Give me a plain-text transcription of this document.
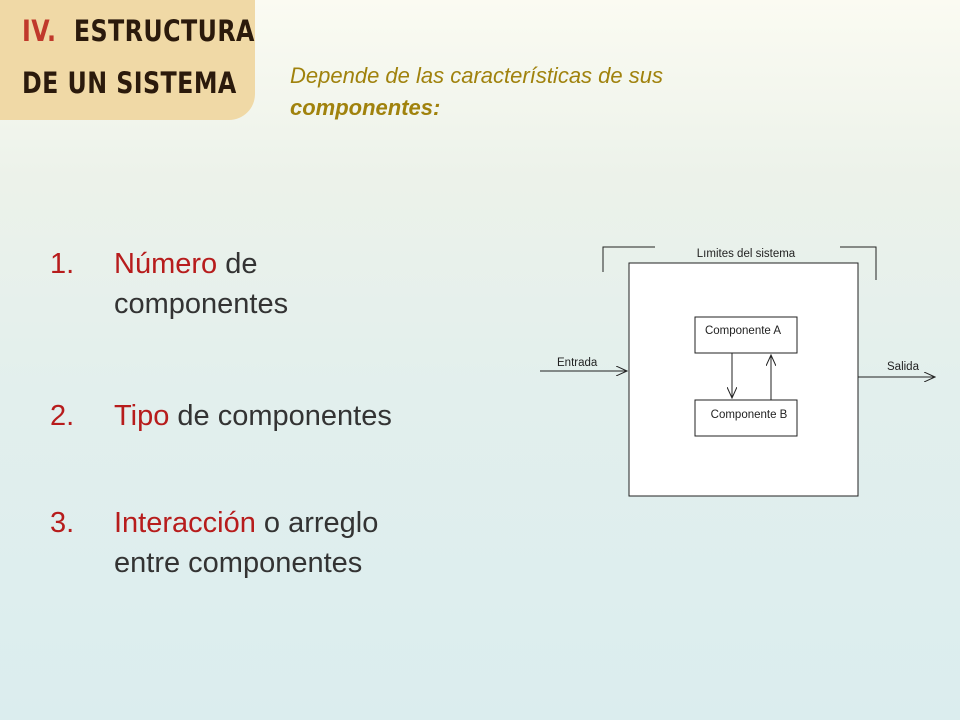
IV. ESTRUCTURA
DE UN SISTEMA Depende de las características de sus
componentes:
1.	Número de
componentes
2.	Tipo de componentes
3.	Interacción o arreglo
entre componentes
Lımites del sistema
Componente A
Componente B
Entrada	Salida
